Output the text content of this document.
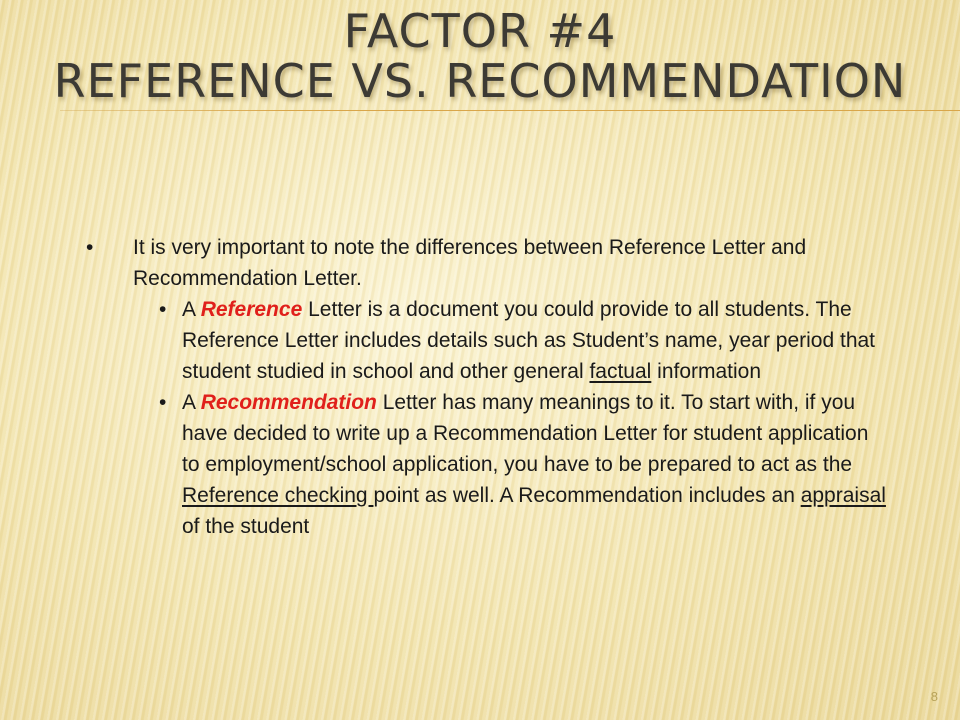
FACTOR #4
REFERENCE VS. RECOMMENDATION
• It is very important to note the differences between Reference Letter and Recommendation Letter.
• A Reference Letter is a document you could provide to all students. The Reference Letter includes details such as Student’s name, year period that student studied in school and other general factual information
• A Recommendation Letter has many meanings to it. To start with, if you have decided to write up a Recommendation Letter for student application to employment/school application, you have to be prepared to act as the Reference checking point as well. A Recommendation includes an appraisal of the student
8
